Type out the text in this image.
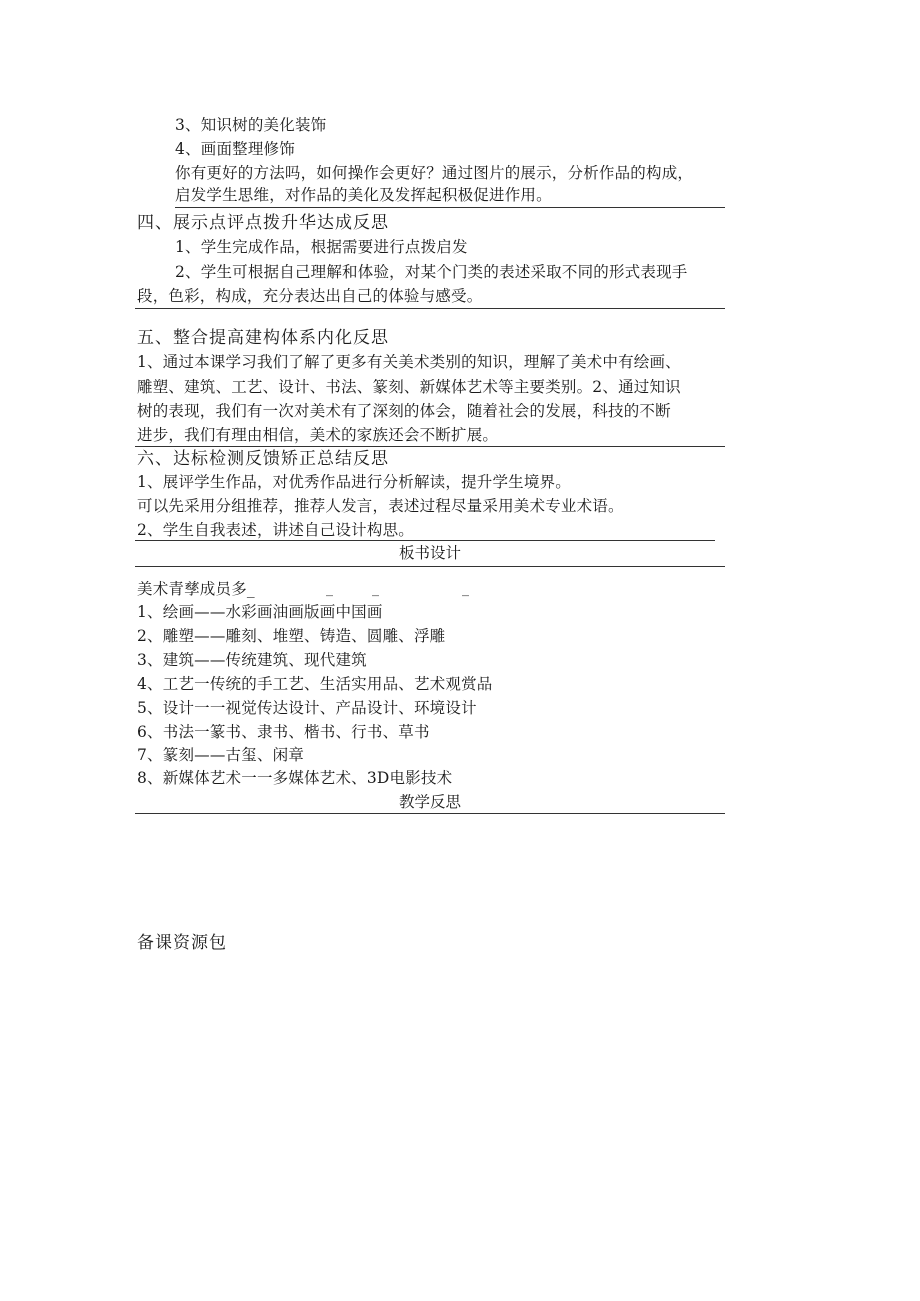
3、知识树的美化装饰
4、画面整理修饰
你有更好的方法吗，如何操作会更好？通过图片的展示，分析作品的构成，
启发学生思维，对作品的美化及发挥起积极促进作用。
四、展示点评点拨升华达成反思
1、学生完成作品，根据需要进行点拨启发
2、学生可根据自己理解和体验，对某个门类的表述采取不同的形式表现手
段，色彩，构成，充分表达出自己的体验与感受。
五、整合提高建构体系内化反思
1、通过本课学习我们了解了更多有关美术类别的知识，理解了美术中有绘画、
雕塑、建筑、工艺、设计、书法、篆刻、新媒体艺术等主要类别。2、通过知识
树的表现，我们有一次对美术有了深刻的体会，随着社会的发展，科技的不断
进步，我们有理由相信，美术的家族还会不断扩展。
六、达标检测反馈矫正总结反思
1、展评学生作品，对优秀作品进行分析解读，提升学生境界。
可以先采用分组推荐，推荐人发言，表述过程尽量采用美术专业术语。
2、学生自我表述，讲述自己设计构思。
板书设计
美术青孳成员多_	_	_	_
1、绘画——水彩画油画版画中国画
2、雕塑——雕刻、堆塑、铸造、圆雕、浮雕
3、建筑——传统建筑、现代建筑
4、工艺一传统的手工艺、生活实用品、艺术观赏品
5、设计一一视觉传达设计、产品设计、环境设计
6、书法一篆书、隶书、楷书、行书、草书
7、篆刻——古玺、闲章
8、新媒体艺术一一多媒体艺术、3D电影技术
教学反思
备课资源包
